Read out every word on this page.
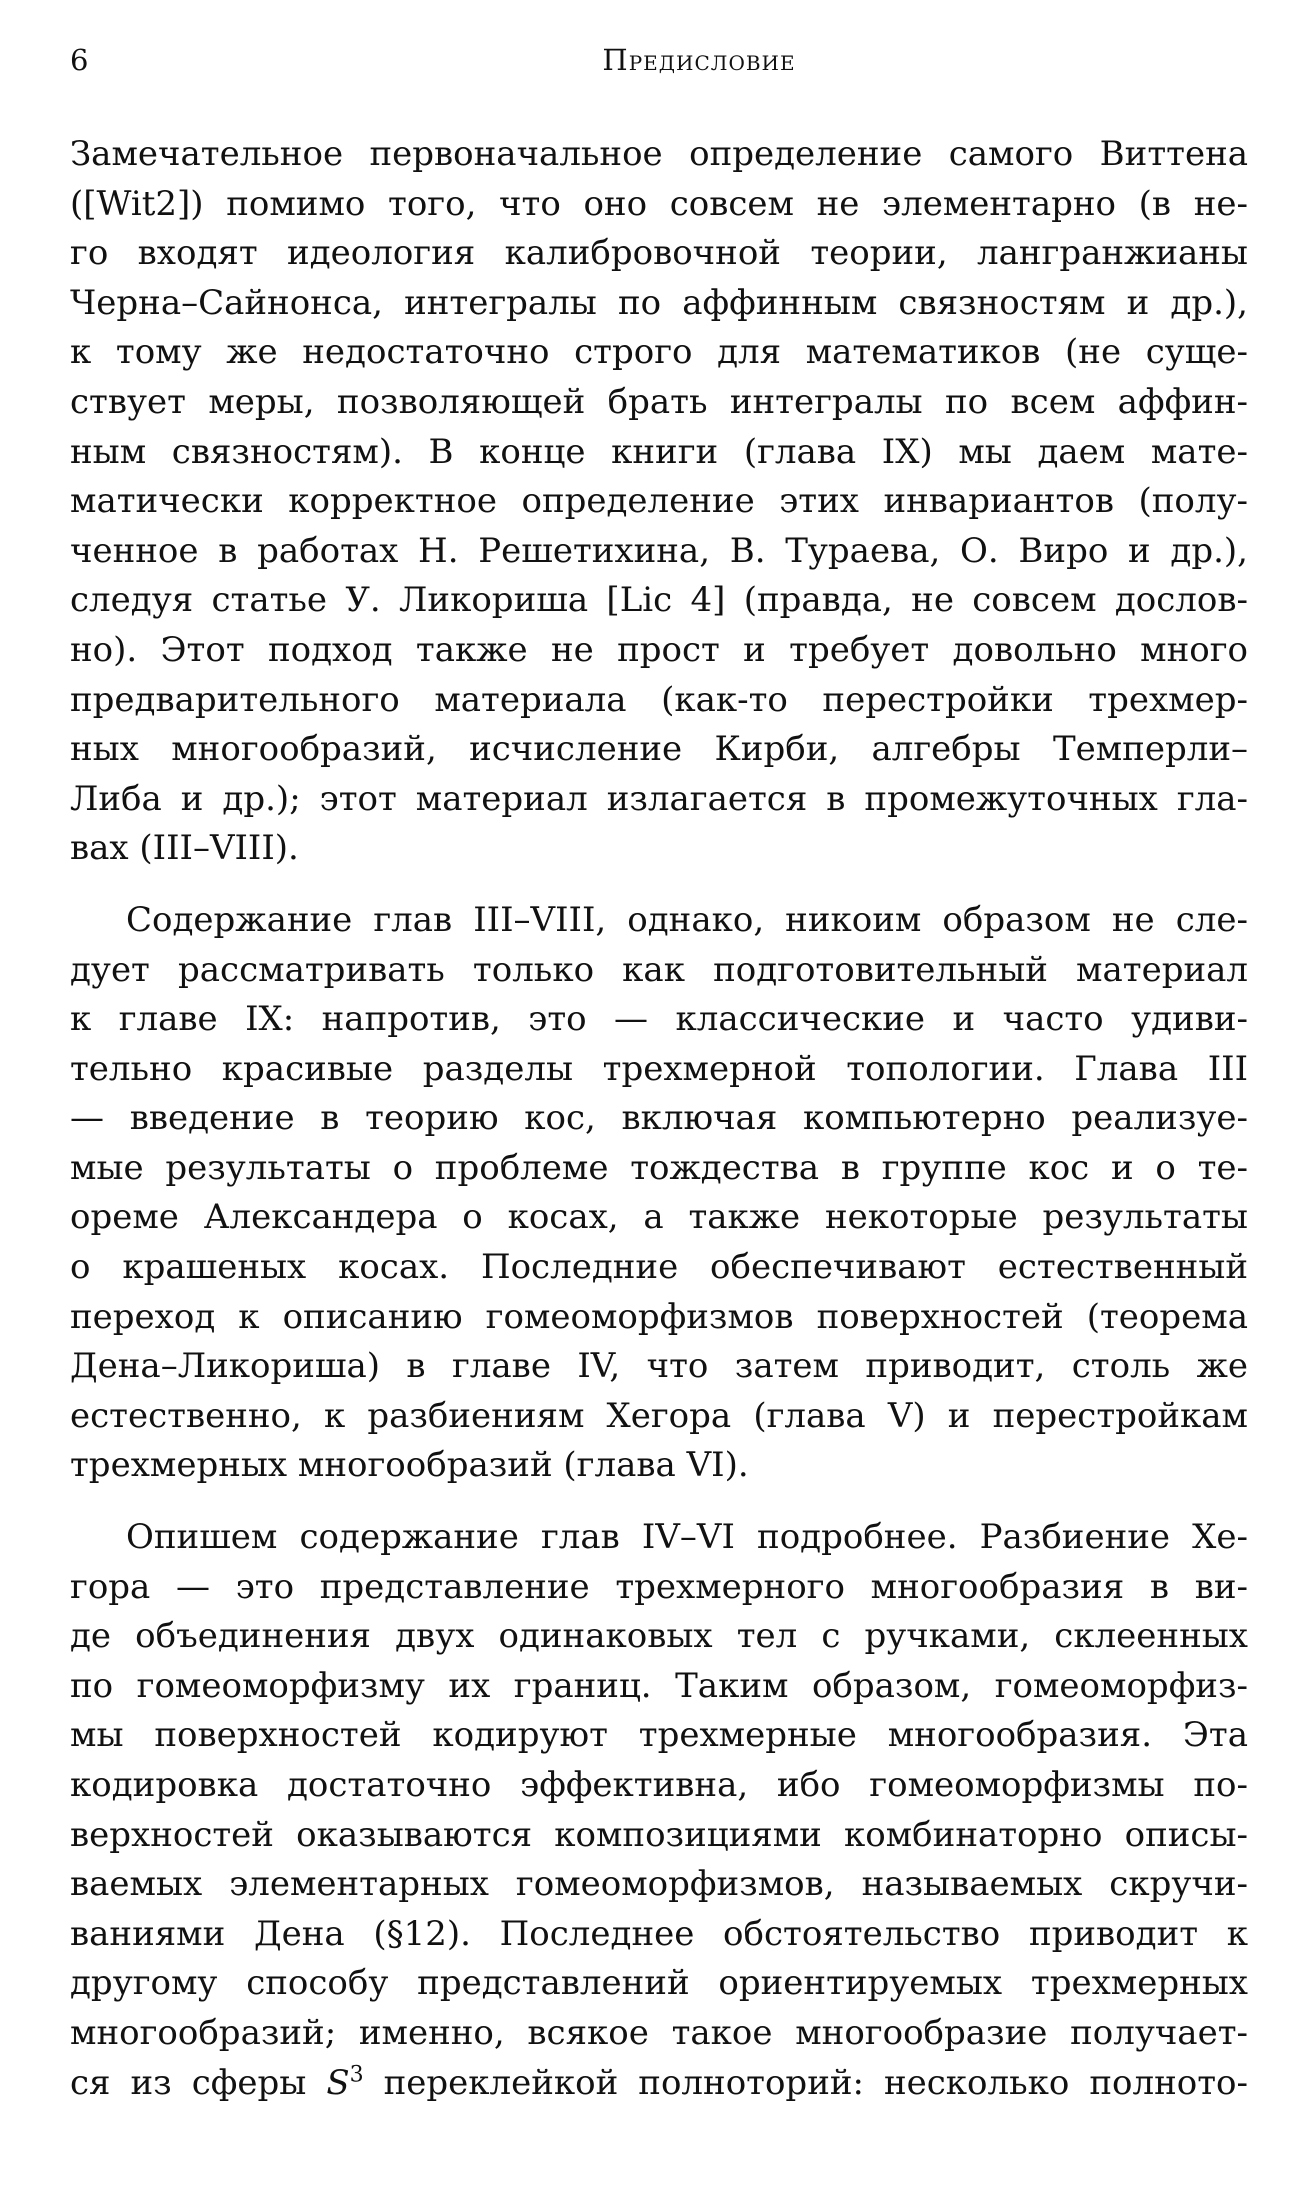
6	Предисловие
Замечательное первоначальное определение самого Виттена
([Wit2]) помимо того, что оно совсем не элементарно (в не-
го входят идеология калибровочной теории, лангранжианы
Черна–Сайнонса, интегралы по аффинным связностям и др.),
к тому же недостаточно строго для математиков (не суще-
ствует меры, позволяющей брать интегралы по всем аффин-
ным связностям). В конце книги (глава IX) мы даем мате-
матически корректное определение этих инвариантов (полу-
ченное в работах Н. Решетихина, В. Тураева, О. Виро и др.),
следуя статье У. Ликориша [Lic 4] (правда, не совсем дослов-
но). Этот подход также не прост и требует довольно много
предварительного материала (как-то перестройки трехмер-
ных многообразий, исчисление Кирби, алгебры Темперли–
Либа и др.); этот материал излагается в промежуточных гла-
вах (III–VIII).
Содержание глав III–VIII, однако, никоим образом не сле-
дует рассматривать только как подготовительный материал
к главе IX: напротив, это — классические и часто удиви-
тельно красивые разделы трехмерной топологии. Глава III
— введение в теорию кос, включая компьютерно реализуе-
мые результаты о проблеме тождества в группе кос и о те-
ореме Александера о косах, а также некоторые результаты
о крашеных косах. Последние обеспечивают естественный
переход к описанию гомеоморфизмов поверхностей (теорема
Дена–Ликориша) в главе IV, что затем приводит, столь же
естественно, к разбиениям Хегора (глава V) и перестройкам
трехмерных многообразий (глава VI).
Опишем содержание глав IV–VI подробнее. Разбиение Хе-
гора — это представление трехмерного многообразия в ви-
де объединения двух одинаковых тел с ручками, склеенных
по гомеоморфизму их границ. Таким образом, гомеоморфиз-
мы поверхностей кодируют трехмерные многообразия. Эта
кодировка достаточно эффективна, ибо гомеоморфизмы по-
верхностей оказываются композициями комбинаторно описы-
ваемых элементарных гомеоморфизмов, называемых скручи-
ваниями Дена (§12). Последнее обстоятельство приводит к
другому способу представлений ориентируемых трехмерных
многообразий; именно, всякое такое многообразие получает-
ся из сферы $S^3$ переклейкой полноторий: несколько полното-
